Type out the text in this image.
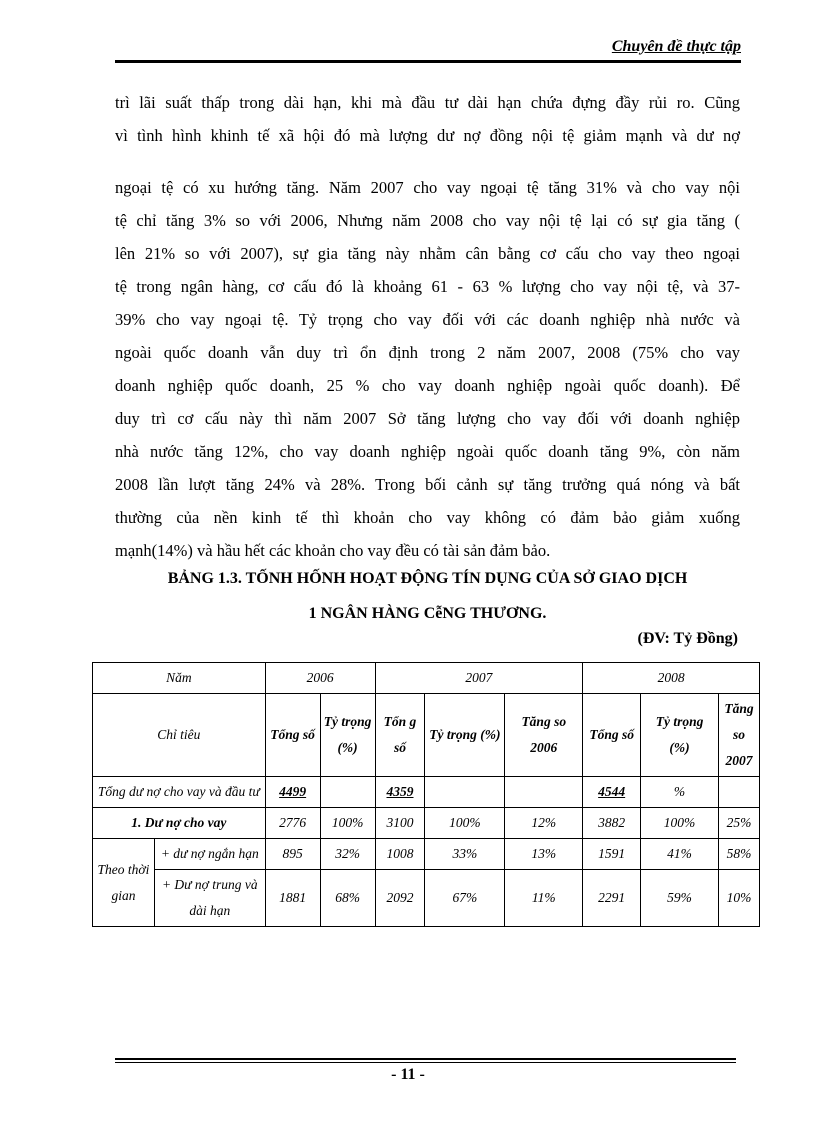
Chuyên đề thực tập
trì lãi suất thấp trong dài hạn, khi mà đầu tư dài hạn chứa đựng đầy rủi ro. Cũng
vì tình hình khinh tế xã hội đó mà lượng dư nợ đồng nội tệ giảm mạnh và dư nợ
ngoại tệ có xu hướng tăng. Năm 2007 cho vay ngoại tệ tăng 31% và cho vay nội
tệ chỉ tăng 3% so với 2006, Nhưng năm 2008 cho vay nội tệ lại có sự gia tăng (
lên 21% so với 2007), sự gia tăng này nhằm cân bằng cơ cấu cho vay theo ngoại
tệ trong ngân hàng, cơ cấu đó là khoảng 61 - 63 % lượng cho vay nội tệ, và 37-
39% cho vay ngoại tệ. Tỷ trọng cho vay đối với các doanh nghiệp nhà nước và
ngoài quốc doanh vẫn duy trì ổn định trong 2 năm 2007, 2008 (75% cho vay
doanh nghiệp quốc doanh, 25 % cho vay doanh nghiệp ngoài quốc doanh). Để
duy trì cơ cấu này thì năm 2007 Sở tăng lượng cho vay đối với doanh nghiệp
nhà nước tăng 12%, cho vay doanh nghiệp ngoài quốc doanh tăng 9%, còn năm
2008 lần lượt tăng 24% và 28%. Trong bối cảnh sự tăng trưởng quá nóng và bất
thường của nền kinh tế thì khoản cho vay không có đảm bảo giảm xuống
mạnh(14%) và hầu hết các khoản cho vay đều có tài sản đảm bảo.

BẢNG 1.3. TỐNH HỐNH HOẠT ĐỘNG TÍN DỤNG CỦA SỞ GIAO DỊCH

1 NGÂN HÀNG CễNG THƯƠNG.

(ĐV: Tỷ Đồng)
Năm		2006		2007			2008		
Chỉ tiêu		Tổng số	Tỷ trọng (%)	Tổn g số	Tỷ trọng (%)	Tăng so 2006	Tổng số	Tỷ trọng (%)	Tăng so 2007
Tổng dư nợ cho vay và đầu tư		4499		4359			4544	%	
1. Dư nợ cho vay		2776	100%	3100	100%	12%	3882	100%	25%
Theo thời gian	+ dư nợ ngắn hạn	895	32%	1008	33%	13%	1591	41%	58%
	+ Dư nợ trung và dài hạn	1881	68%	2092	67%	11%	2291	59%	10%
- 11 -
